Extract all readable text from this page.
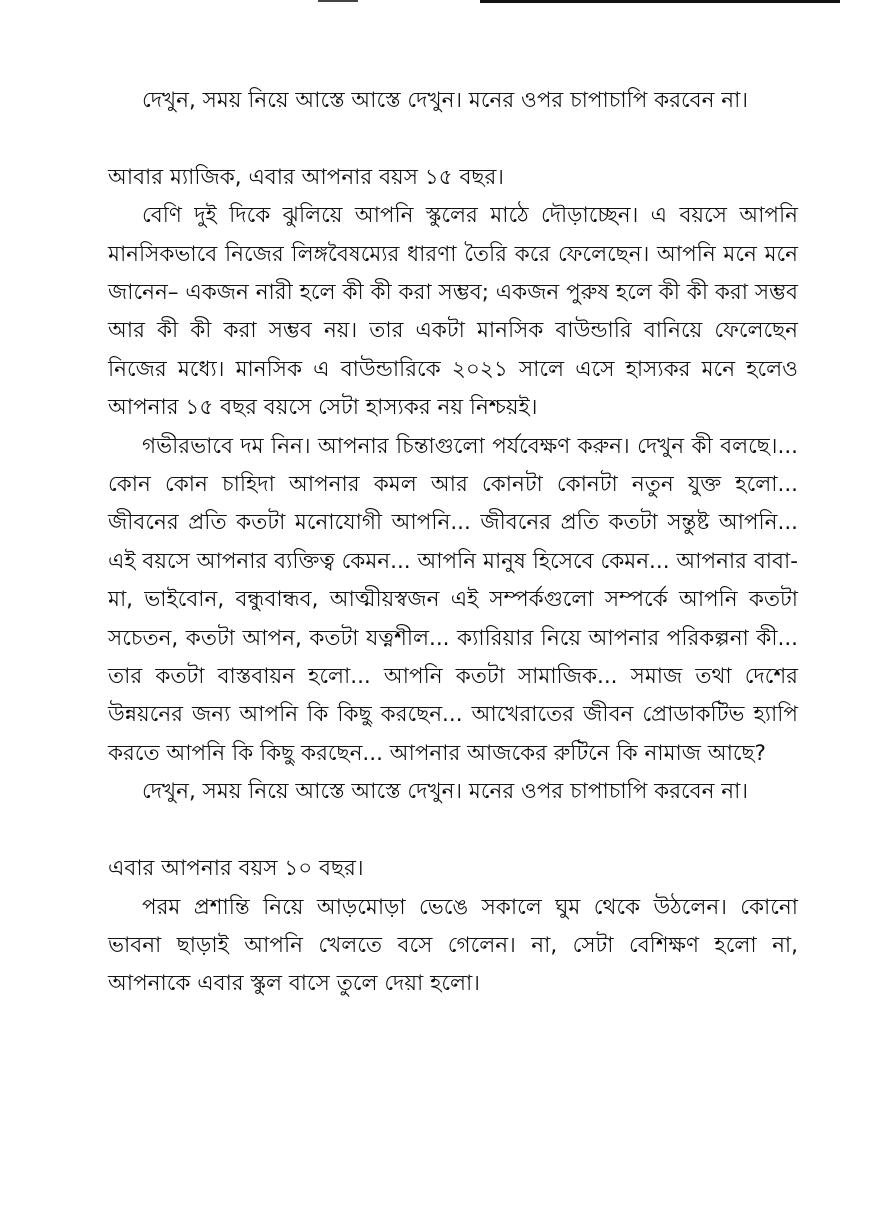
দেখুন, সময় নিয়ে আস্তে আস্তে দেখুন। মনের ওপর চাপাচাপি করবেন না।

আবার ম্যাজিক, এবার আপনার বয়স ১৫ বছর।

বেণি দুই দিকে ঝুলিয়ে আপনি স্কুলের মাঠে দৌড়াচ্ছেন। এ বয়সে আপনি মানসিকভাবে নিজের লিঙ্গবৈষম্যের ধারণা তৈরি করে ফেলেছেন। আপনি মনে মনে জানেন– একজন নারী হলে কী কী করা সম্ভব; একজন পুরুষ হলে কী কী করা সম্ভব আর কী কী করা সম্ভব নয়। তার একটা মানসিক বাউন্ডারি বানিয়ে ফেলেছেন নিজের মধ্যে। মানসিক এ বাউন্ডারিকে ২০২১ সালে এসে হাস্যকর মনে হলেও আপনার ১৫ বছর বয়সে সেটা হাস্যকর নয় নিশ্চয়ই।

গভীরভাবে দম নিন। আপনার চিন্তাগুলো পর্যবেক্ষণ করুন। দেখুন কী বলছে।... কোন কোন চাহিদা আপনার কমল আর কোনটা কোনটা নতুন যুক্ত হলো... জীবনের প্রতি কতটা মনোযোগী আপনি... জীবনের প্রতি কতটা সন্তুষ্ট আপনি... এই বয়সে আপনার ব্যক্তিত্ব কেমন... আপনি মানুষ হিসেবে কেমন... আপনার বাবা-মা, ভাইবোন, বন্ধুবান্ধব, আত্মীয়স্বজন এই সম্পর্কগুলো সম্পর্কে আপনি কতটা সচেতন, কতটা আপন, কতটা যত্নশীল... ক্যারিয়ার নিয়ে আপনার পরিকল্পনা কী... তার কতটা বাস্তবায়ন হলো... আপনি কতটা সামাজিক... সমাজ তথা দেশের উন্নয়নের জন্য আপনি কি কিছু করছেন... আখেরাতের জীবন প্রোডাকটিভ হ্যাপি করতে আপনি কি কিছু করছেন... আপনার আজকের রুটিনে কি নামাজ আছে?

দেখুন, সময় নিয়ে আস্তে আস্তে দেখুন। মনের ওপর চাপাচাপি করবেন না।

এবার আপনার বয়স ১০ বছর।

পরম প্রশান্তি নিয়ে আড়মোড়া ভেঙে সকালে ঘুম থেকে উঠলেন। কোনো ভাবনা ছাড়াই আপনি খেলতে বসে গেলেন। না, সেটা বেশিক্ষণ হলো না, আপনাকে এবার স্কুল বাসে তুলে দেয়া হলো।
